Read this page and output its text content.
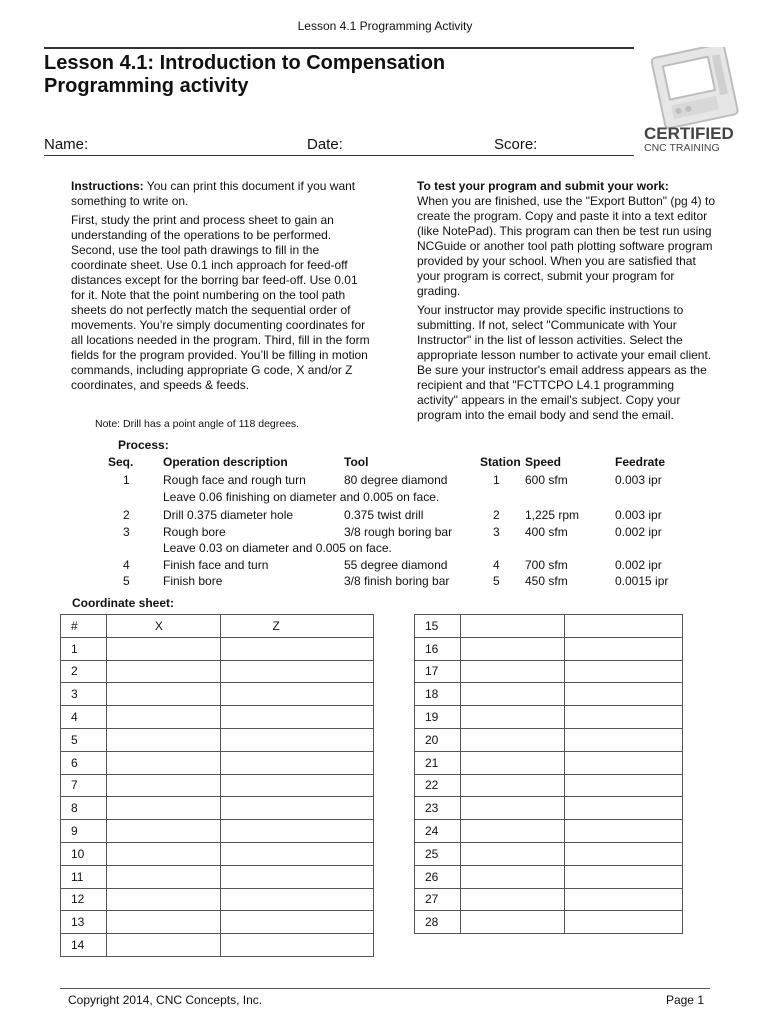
Lesson 4.1 Programming Activity
Lesson 4.1: Introduction to Compensation
Programming activity
CERTIFIED
CNC TRAINING
Name:	Date:	Score:

Instructions: You can print this document if you want something to write on.

First, study the print and process sheet to gain an understanding of the operations to be performed. Second, use the tool path drawings to fill in the coordinate sheet. Use 0.1 inch approach for feed-off distances except for the borring bar feed-off. Use 0.01 for it. Note that the point numbering on the tool path sheets do not perfectly match the sequential order of movements. You’re simply documenting coordinates for all locations needed in the program. Third, fill in the form fields for the program provided. You’ll be filling in motion commands, including appropriate G code, X and/or Z coordinates, and speeds & feeds.

Note: Drill has a point angle of 118 degrees.
To test your program and submit your work:

When you are finished, use the "Export Button" (pg 4) to create the program. Copy and paste it into a text editor (like NotePad). This program can then be test run using NCGuide or another tool path plotting software program provided by your school. When you are satisfied that your program is correct, submit your program for grading.

Your instructor may provide specific instructions to submitting. If not, select "Communicate with Your Instructor" in the list of lesson activities. Select the appropriate lesson number to activate your email client. Be sure your instructor's email address appears as the recipient and that "FCTTCPO L4.1 programming activity" appears in the email's subject. Copy your program into the email body and send the email.

Process:
Seq. Operation description	Tool	Station Speed	Feedrate
1	Rough face and rough turn	80 degree diamond	1 600 sfm	0.003 ipr
Leave 0.06 finishing on diameter and 0.005 on face.
2	Drill 0.375 diameter hole	0.375 twist drill	2 1,225 rpm	0.003 ipr
3	Rough bore	3/8 rough boring bar	3 400 sfm	0.002 ipr
Leave 0.03 on diameter and 0.005 on face.
4	Finish face and turn	55 degree diamond	4 700 sfm	0.002 ipr
5	Finish bore	3/8 finish boring bar	5 450 sfm	0.0015 ipr
Coordinate sheet:
#	X	Z
1		
2		
3		
4		
5		
6		
7		
8		
9		
10		
11		
12		
13		
14		
15		
16		
17		
18		
19		
20		
21		
22		
23		
24		
25		
26		
27		
28		
Copyright 2014, CNC Concepts, Inc.	Page 1
